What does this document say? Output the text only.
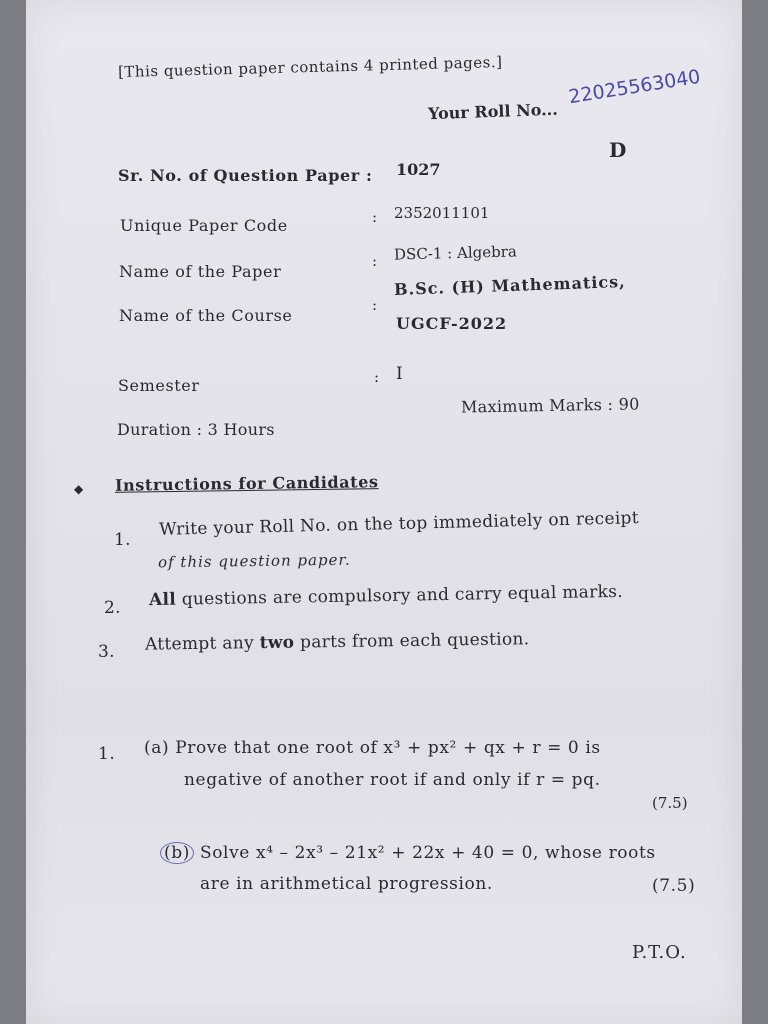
[This question paper contains 4 printed pages.]
Your Roll No...
22025563040
D
Sr. No. of Question Paper : 1027
Unique Paper Code	: 2352011101
Name of the Paper
: DSC-1 : Algebra
Name of the Course
:
B.Sc. (H) Mathematics,
UGCF-2022
Semester	: I
Duration : 3 Hours
Maximum Marks : 90
◆ Instructions for Candidates
1.
Write your Roll No. on the top immediately on receipt
of this question paper.
2. All questions are compulsory and carry equal marks.
3. Attempt any two parts from each question.
1. (a) Prove that one root of x³ + px² + qx + r = 0 is
negative of another root if and only if r = pq.
(7.5)
(b) Solve x⁴ – 2x³ – 21x² + 22x + 40 = 0, whose roots
are in arithmetical progression.	(7.5)
P.T.O.
